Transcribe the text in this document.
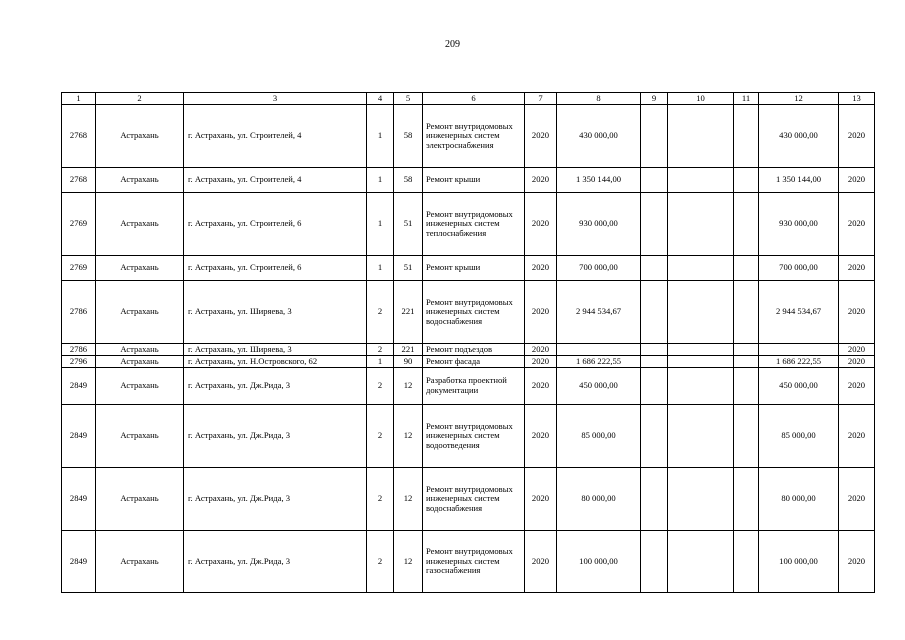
209
1	2	3	4	5	6	7	8	9	10	11	12	13
2768	Астрахань	г. Астрахань, ул. Строителей, 4	1	58	Ремонт внутридомовых инженерных систем электроснабжения	2020	430 000,00				430 000,00	2020
2768	Астрахань	г. Астрахань, ул. Строителей, 4	1	58	Ремонт крыши	2020	1 350 144,00				1 350 144,00	2020
2769	Астрахань	г. Астрахань, ул. Строителей, 6	1	51	Ремонт внутридомовых инженерных систем теплоснабжения	2020	930 000,00				930 000,00	2020
2769	Астрахань	г. Астрахань, ул. Строителей, 6	1	51	Ремонт крыши	2020	700 000,00				700 000,00	2020
2786	Астрахань	г. Астрахань, ул. Ширяева, 3	2	221	Ремонт внутридомовых инженерных систем водоснабжения	2020	2 944 534,67				2 944 534,67	2020
2786	Астрахань	г. Астрахань, ул. Ширяева, 3	2	221	Ремонт подъездов	2020						2020
2796	Астрахань	г. Астрахань, ул. Н.Островского, 62	1	90	Ремонт фасада	2020	1 686 222,55				1 686 222,55	2020
2849	Астрахань	г. Астрахань, ул. Дж.Рида, 3	2	12	Разработка проектной документации	2020	450 000,00				450 000,00	2020
2849	Астрахань	г. Астрахань, ул. Дж.Рида, 3	2	12	Ремонт внутридомовых инженерных систем водоотведения	2020	85 000,00				85 000,00	2020
2849	Астрахань	г. Астрахань, ул. Дж.Рида, 3	2	12	Ремонт внутридомовых инженерных систем водоснабжения	2020	80 000,00				80 000,00	2020
2849	Астрахань	г. Астрахань, ул. Дж.Рида, 3	2	12	Ремонт внутридомовых инженерных систем газоснабжения	2020	100 000,00				100 000,00	2020
